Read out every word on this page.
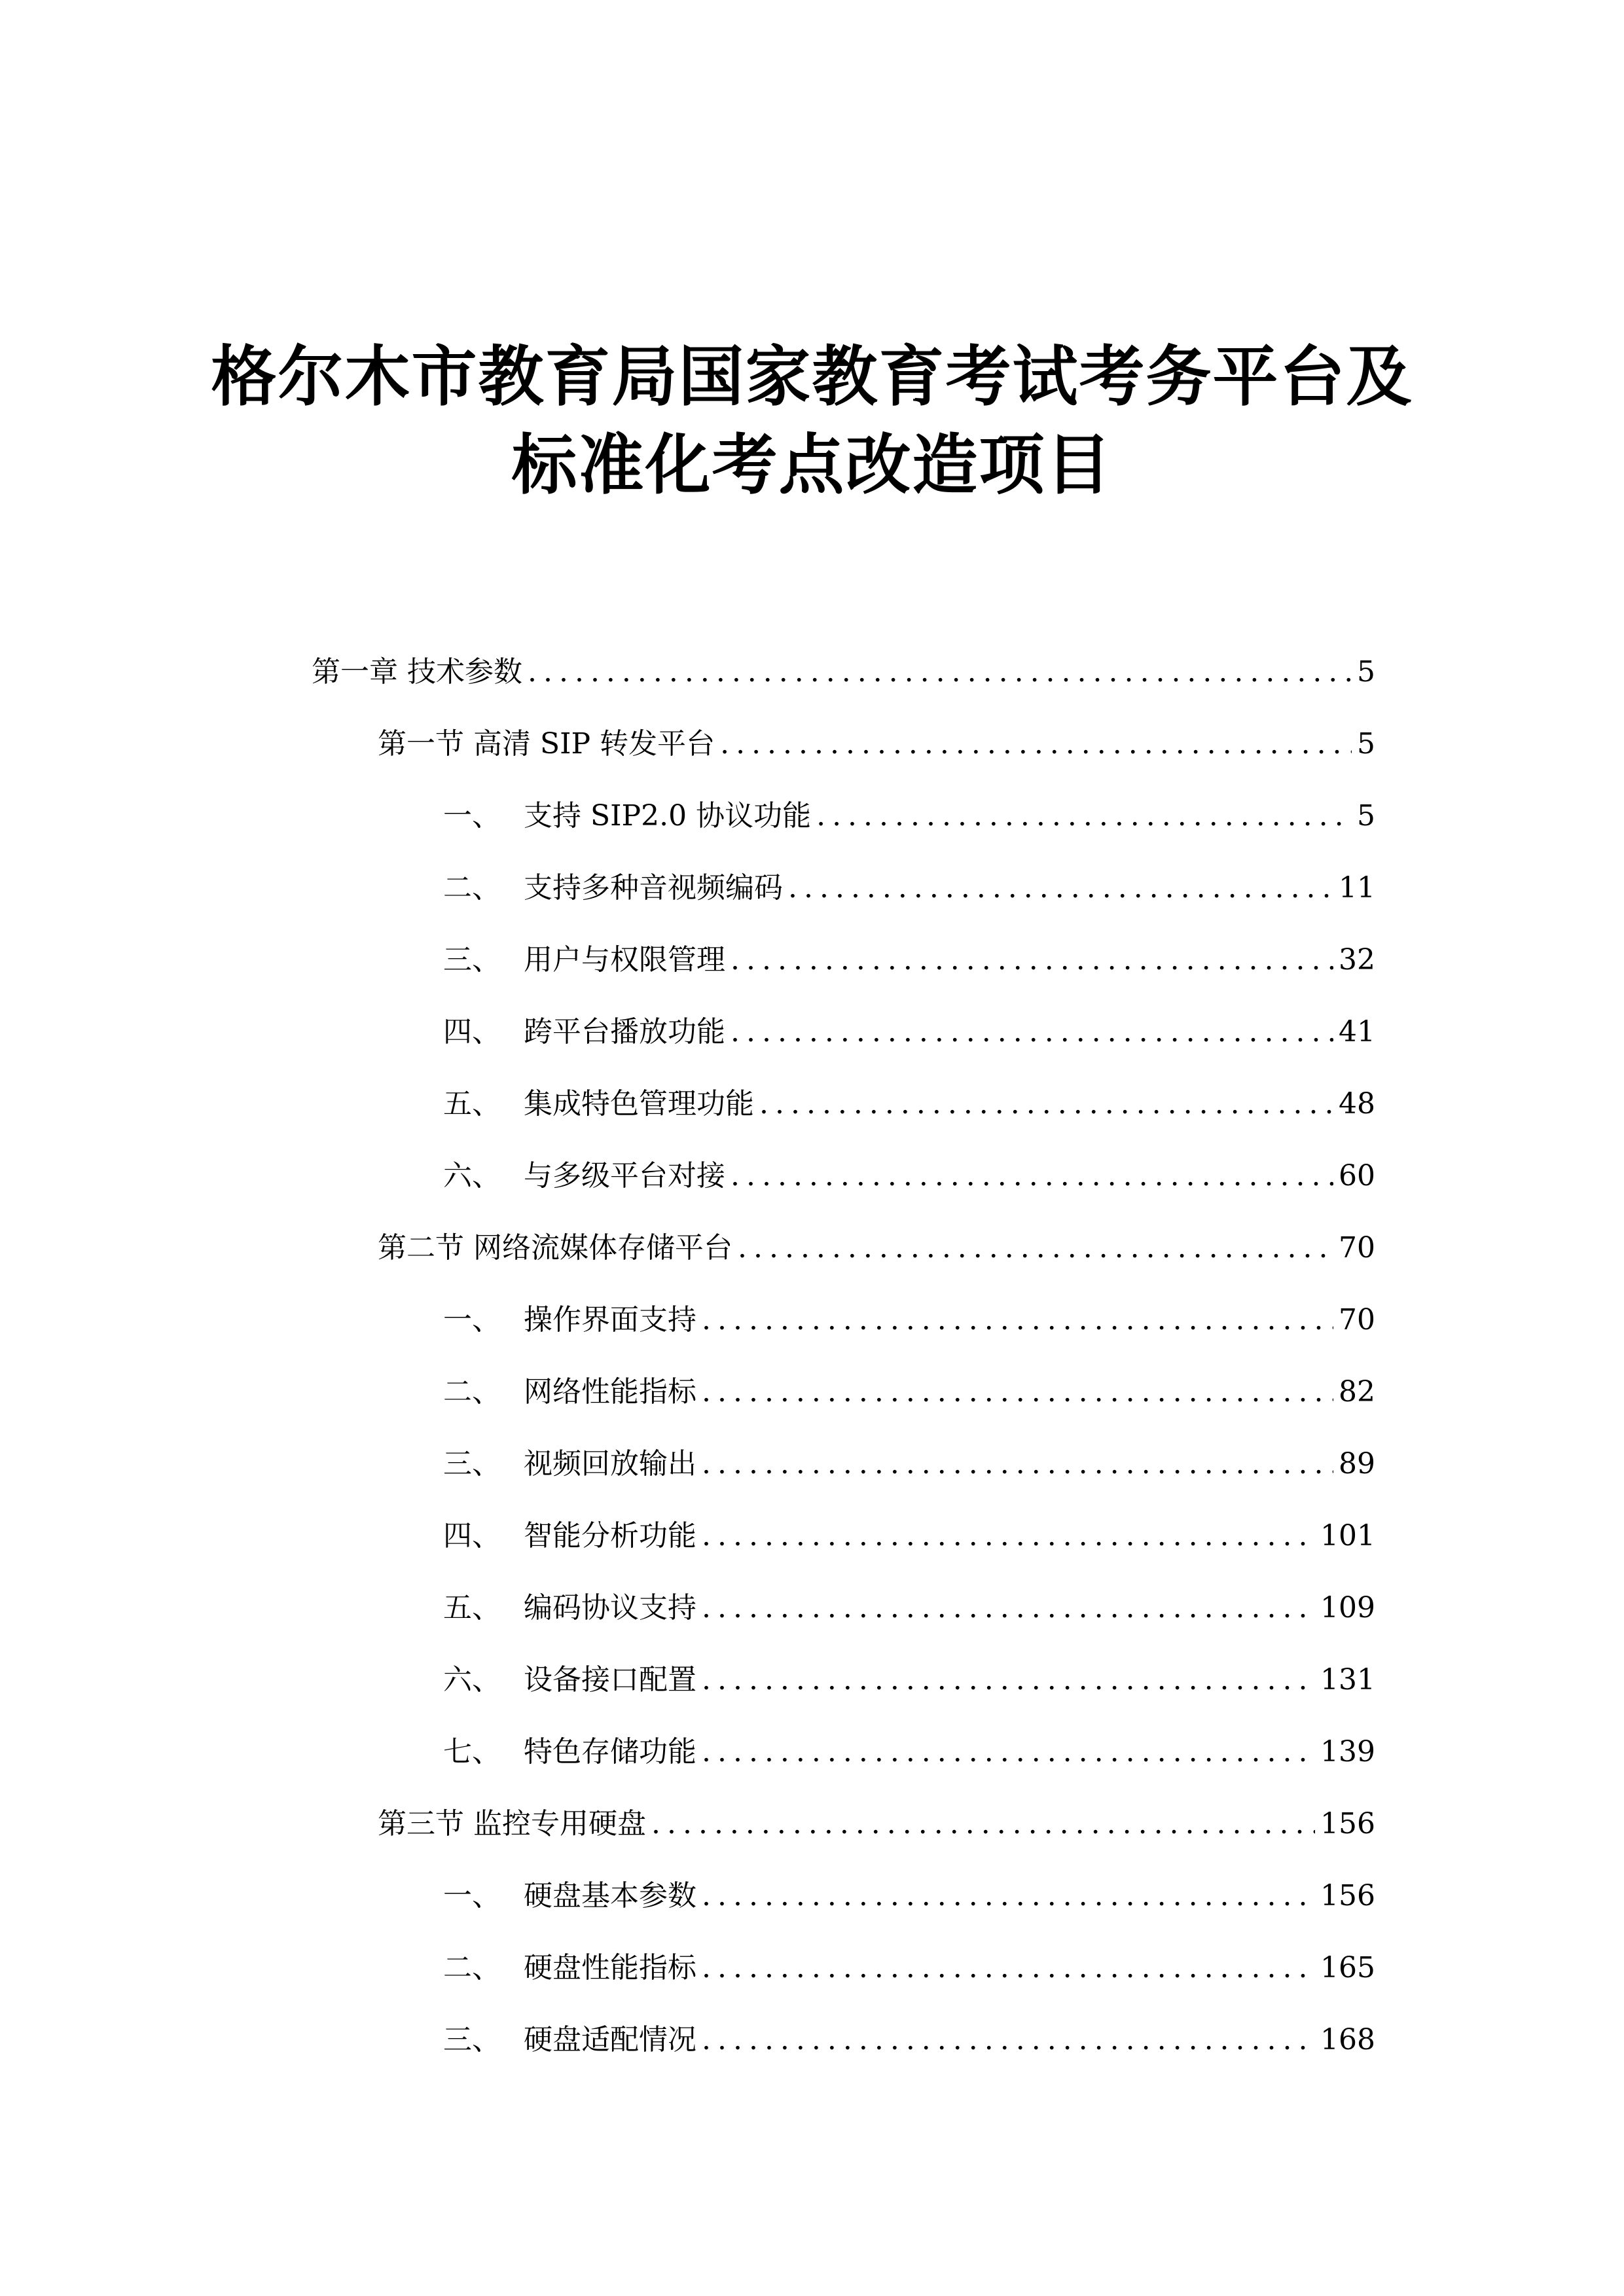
格尔木市教育局国家教育考试考务平台及
标准化考点改造项目
第一章 技术参数 .....	5
第一节 高清 SIP 转发平台 .....	5
一、 支持 SIP2.0 协议功能 .....	5
二、 支持多种音视频编码 .....	11
三、 用户与权限管理 .....	32
四、 跨平台播放功能 .....	41
五、 集成特色管理功能 .....	48
六、 与多级平台对接 .....	60
第二节 网络流媒体存储平台 .....	70
一、 操作界面支持 .....	70
二、 网络性能指标 .....	82
三、 视频回放输出 .....	89
四、 智能分析功能 .....	101
五、 编码协议支持 .....	109
六、 设备接口配置 .....	131
七、 特色存储功能 .....	139
第三节 监控专用硬盘 .....	156
一、 硬盘基本参数 .....	156
二、 硬盘性能指标 .....	165
三、 硬盘适配情况 .....	168
